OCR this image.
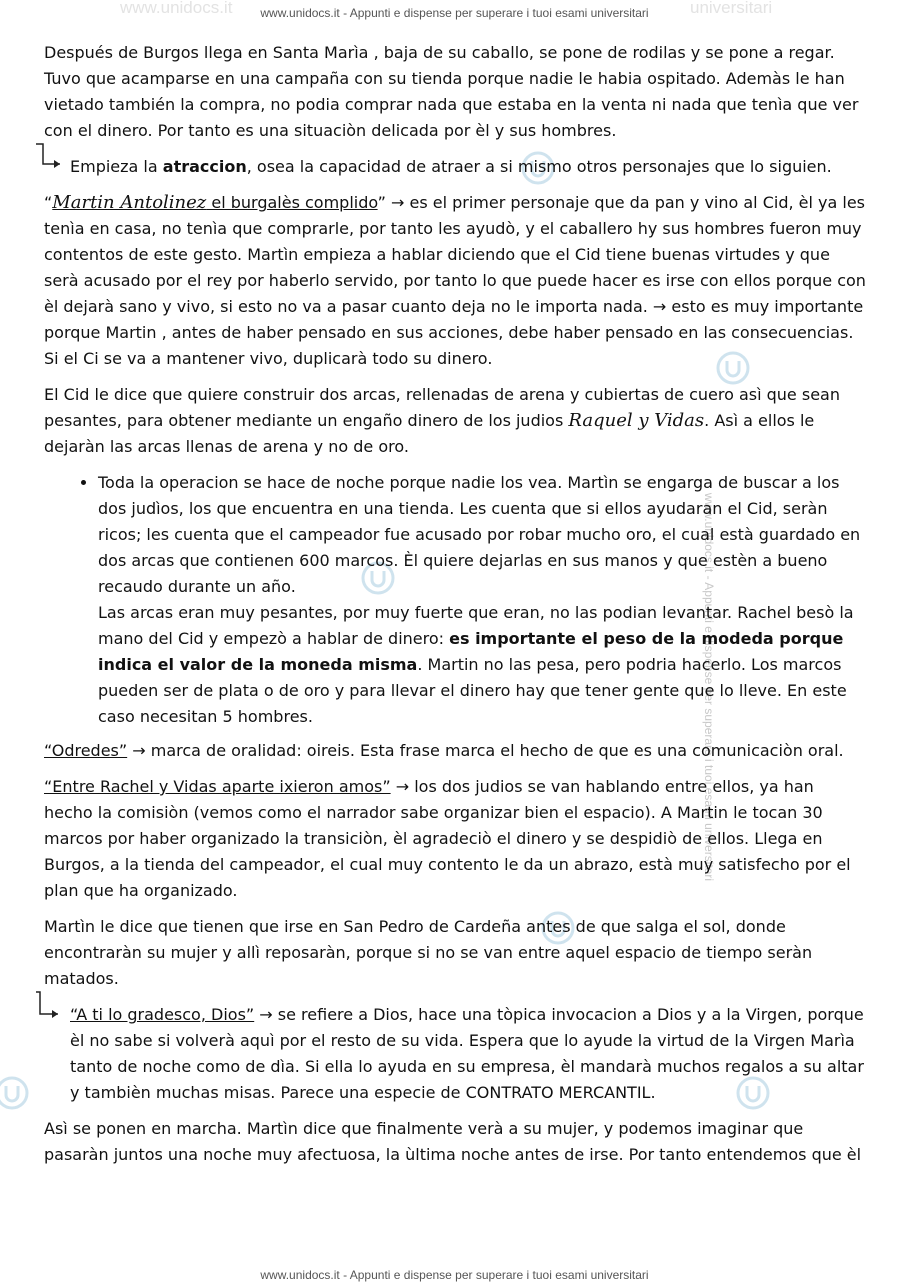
www.unidocs.it	universitari
www.unidocs.it - Appunti e dispense per superare i tuoi esami universitari
www.unidocs.it - Appunti e dispense per superare i tuoi esami universitari

Después de Burgos llega en Santa Marìa , baja de su caballo, se pone de rodilas y se pone a regar. Tuvo que acamparse en una campaña con su tienda porque nadie le habia ospitado. Ademàs le han vietado también la compra, no podia comprar nada que estaba en la venta ni nada que tenìa que ver con el dinero. Por tanto es una situaciòn delicada por èl y sus hombres.

Empieza la atraccion, osea la capacidad de atraer a si mismo otros personajes que lo siguien.

“Martin Antolinez el burgalès complido” → es el primer personaje que da pan y vino al Cid, èl ya les tenìa en casa, no tenìa que comprarle, por tanto les ayudò, y el caballero hy sus hombres fueron muy contentos de este gesto. Martìn empieza a hablar diciendo que el Cid tiene buenas virtudes y que serà acusado por el rey por haberlo servido, por tanto lo que puede hacer es irse con ellos porque con èl dejarà sano y vivo, si esto no va a pasar cuanto deja no le importa nada. → esto es muy importante porque Martin , antes de haber pensado en sus acciones, debe haber pensado en las consecuencias. Si el Ci se va a mantener vivo, duplicarà todo su dinero.

El Cid le dice que quiere construir dos arcas, rellenadas de arena y cubiertas de cuero asì que sean pesantes, para obtener mediante un engaño dinero de los judios Raquel y Vidas. Asì a ellos le dejaràn las arcas llenas de arena y no de oro.

• Toda la operacion se hace de noche porque nadie los vea. Martìn se engarga de buscar a los dos judìos, los que encuentra en una tienda. Les cuenta que si ellos ayudaran el Cid, seràn ricos; les cuenta que el campeador fue acusado por robar mucho oro, el cual està guardado en dos arcas que contienen 600 marcos. Èl quiere dejarlas en sus manos y que estèn a bueno recaudo durante un año.
Las arcas eran muy pesantes, por muy fuerte que eran, no las podian levantar. Rachel besò la mano del Cid y empezò a hablar de dinero: es importante el peso de la modeda porque indica el valor de la moneda misma. Martin no las pesa, pero podria hacerlo. Los marcos pueden ser de plata o de oro y para llevar el dinero hay que tener gente que lo lleve. En este caso necesitan 5 hombres.

“Odredes” → marca de oralidad: oireis. Esta frase marca el hecho de que es una comunicaciòn oral.

“Entre Rachel y Vidas aparte ixieron amos” → los dos judios se van hablando entre ellos, ya han hecho la comisiòn (vemos como el narrador sabe organizar bien el espacio). A Martin le tocan 30 marcos por haber organizado la transiciòn, èl agradeciò el dinero y se despidiò de ellos. Llega en Burgos, a la tienda del campeador, el cual muy contento le da un abrazo, està muy satisfecho por el plan que ha organizado.

Martìn le dice que tienen que irse en San Pedro de Cardeña antes de que salga el sol, donde encontraràn su mujer y allì reposaràn, porque si no se van entre aquel espacio de tiempo seràn matados.

“A ti lo gradesco, Dios” → se refiere a Dios, hace una tòpica invocacion a Dios y a la Virgen, porque èl no sabe si volverà aquì por el resto de su vida. Espera que lo ayude la virtud de la Virgen Marìa tanto de noche como de dìa. Si ella lo ayuda en su empresa, èl mandarà muchos regalos a su altar y tambièn muchas misas. Parece una especie de CONTRATO MERCANTIL.

Asì se ponen en marcha. Martìn dice que finalmente verà a su mujer, y podemos imaginar que pasaràn juntos una noche muy afectuosa, la ùltima noche antes de irse. Por tanto entendemos que èl

www.unidocs.it - Appunti e dispense per superare i tuoi esami universitari
